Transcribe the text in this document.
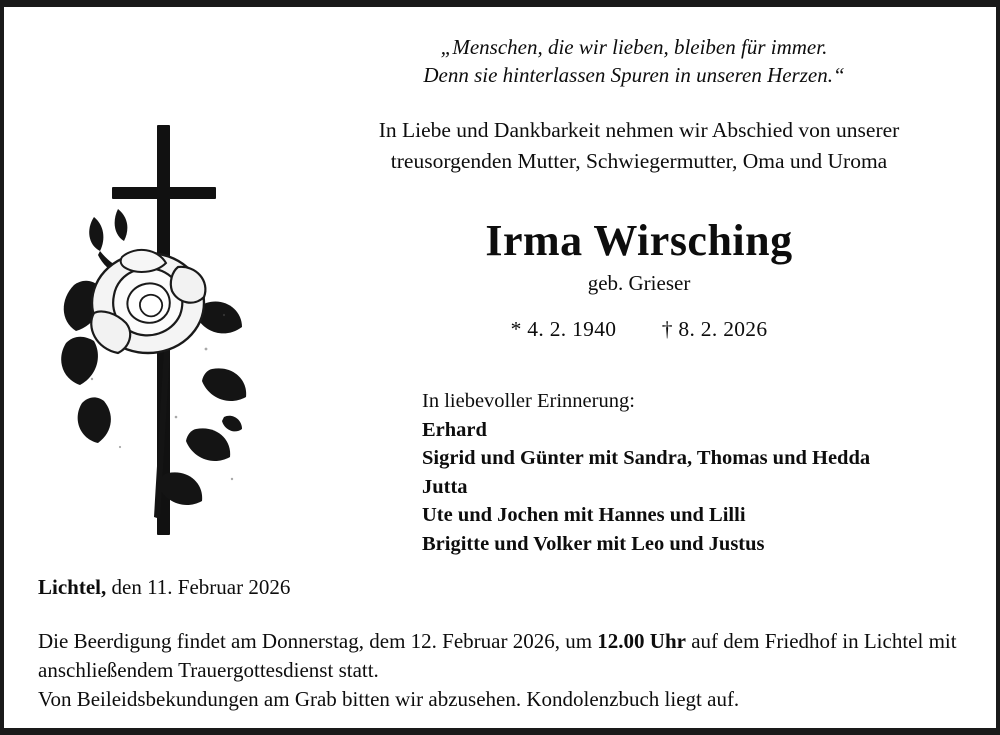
„Menschen, die wir lieben, bleiben für immer.
Denn sie hinterlassen Spuren in unseren Herzen.“
In Liebe und Dankbarkeit nehmen wir Abschied von unserer
treusorgenden Mutter, Schwiegermutter, Oma und Uroma
Irma Wirsching
geb. Grieser
* 4. 2. 1940 † 8. 2. 2026
In liebevoller Erinnerung:
Erhard
Sigrid und Günter mit Sandra, Thomas und Hedda
Jutta
Ute und Jochen mit Hannes und Lilli
Brigitte und Volker mit Leo und Justus
Lichtel, den 11. Februar 2026
Die Beerdigung findet am Donnerstag, dem 12. Februar 2026, um 12.00 Uhr auf dem Friedhof in Lichtel mit anschließendem Trauergottesdienst statt.
Von Beileidsbekundungen am Grab bitten wir abzusehen. Kondolenzbuch liegt auf.
